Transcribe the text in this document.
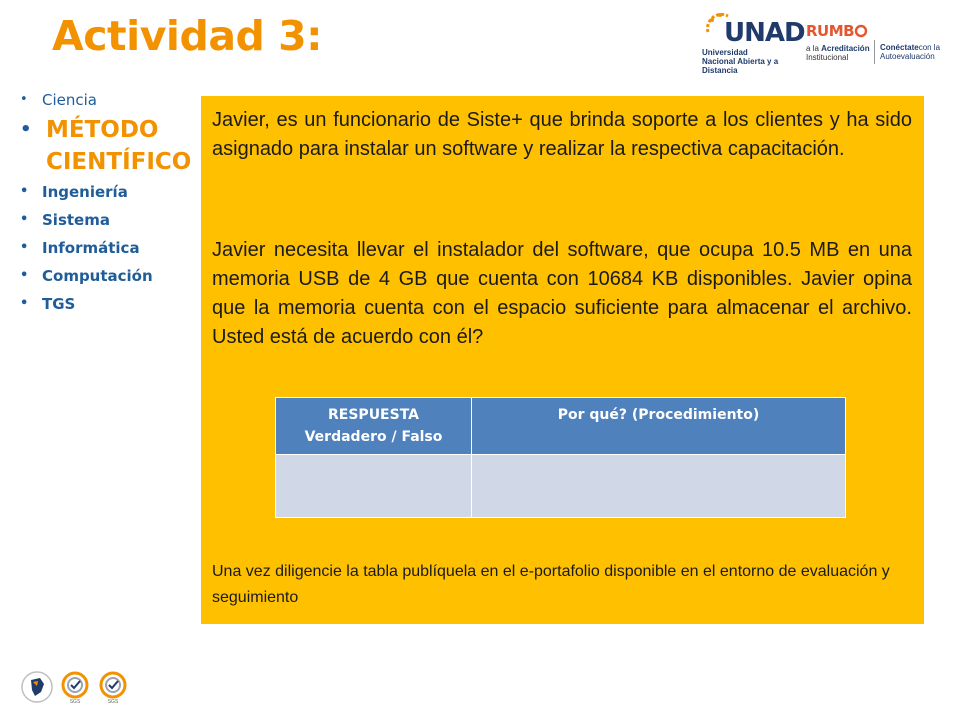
Actividad 3:	UNAD
Universidad Nacional Abierta y a Distancia
RUMB
a la Acreditación
Institucional
Conéctatecon la
Autoevaluación
• Ciencia
• MÉTODO CIENTÍFICO
• Ingeniería
• Sistema
• Informática
• Computación
• TGS

Javier, es un funcionario de Siste+ que brinda soporte a los clientes y ha sido asignado para instalar un software y realizar la respectiva capacitación.

Javier necesita llevar el instalador del software, que ocupa 10.5 MB en una memoria USB de 4 GB que cuenta con 10684 KB disponibles. Javier opina que la memoria cuenta con el espacio suficiente para almacenar el archivo. Usted está de acuerdo con él?

Una vez diligencie la tabla publíquela en el e-portafolio disponible en el entorno de evaluación y seguimiento

RESPUESTA
Verdadero / Falso	Por qué? (Procedimiento)

SGS	SGS
